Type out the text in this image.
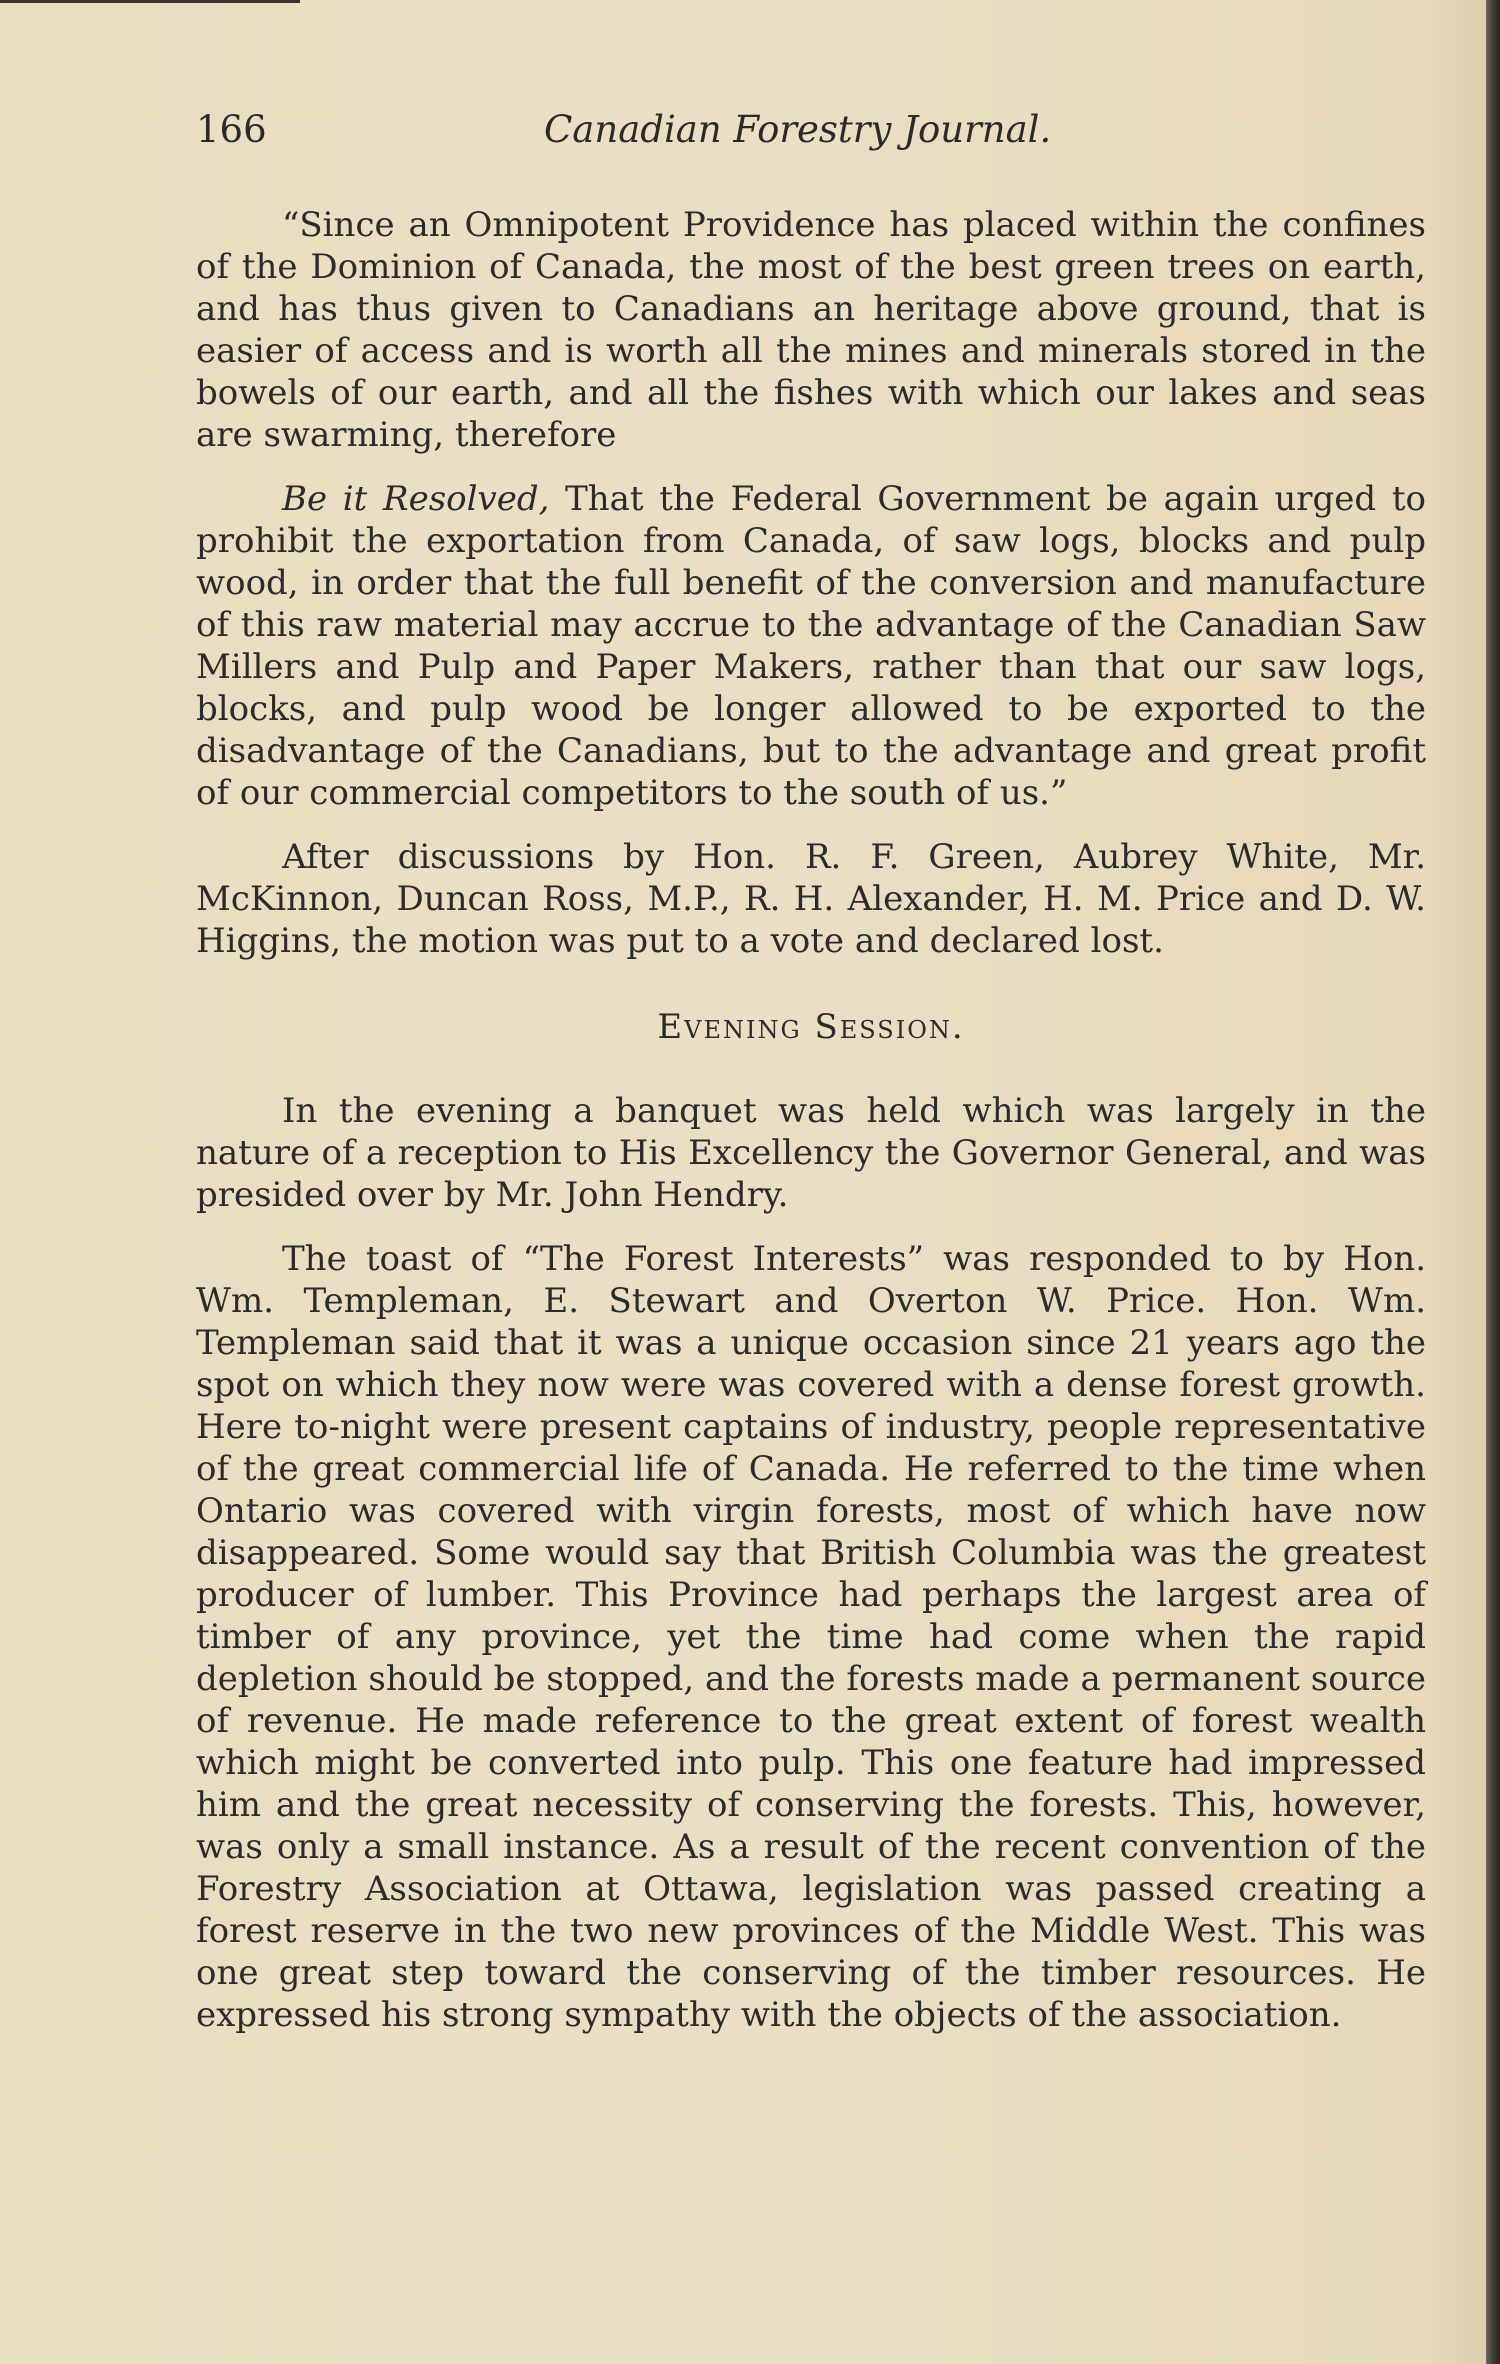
166	Canadian Forestry Journal.

“Since an Omnipotent Providence has placed within the confines of the Dominion of Canada, the most of the best green trees on earth, and has thus given to Canadians an heritage above ground, that is easier of access and is worth all the mines and minerals stored in the bowels of our earth, and all the fishes with which our lakes and seas are swarming, therefore

Be it Resolved, That the Federal Government be again urged to prohibit the exportation from Canada, of saw logs, blocks and pulp wood, in order that the full benefit of the conversion and manufacture of this raw material may accrue to the advantage of the Canadian Saw Millers and Pulp and Paper Makers, rather than that our saw logs, blocks, and pulp wood be longer allowed to be exported to the disadvantage of the Canadians, but to the advantage and great profit of our commercial competitors to the south of us.”

After discussions by Hon. R. F. Green, Aubrey White, Mr. McKinnon, Duncan Ross, M.P., R. H. Alexander, H. M. Price and D. W. Higgins, the motion was put to a vote and declared lost.

Evening Session.

In the evening a banquet was held which was largely in the nature of a reception to His Excellency the Governor General, and was presided over by Mr. John Hendry.

The toast of “The Forest Interests” was responded to by Hon. Wm. Templeman, E. Stewart and Overton W. Price. Hon. Wm. Templeman said that it was a unique occasion since 21 years ago the spot on which they now were was covered with a dense forest growth. Here to-night were present captains of industry, people representative of the great commercial life of Canada. He referred to the time when Ontario was covered with virgin forests, most of which have now disappeared. Some would say that British Columbia was the greatest producer of lumber. This Province had perhaps the largest area of timber of any province, yet the time had come when the rapid depletion should be stopped, and the forests made a permanent source of revenue. He made reference to the great extent of forest wealth which might be converted into pulp. This one feature had impressed him and the great necessity of conserving the forests. This, however, was only a small instance. As a result of the recent convention of the Forestry Association at Ottawa, legislation was passed creating a forest reserve in the two new provinces of the Middle West. This was one great step toward the conserving of the timber resources. He expressed his strong sympathy with the objects of the association.
